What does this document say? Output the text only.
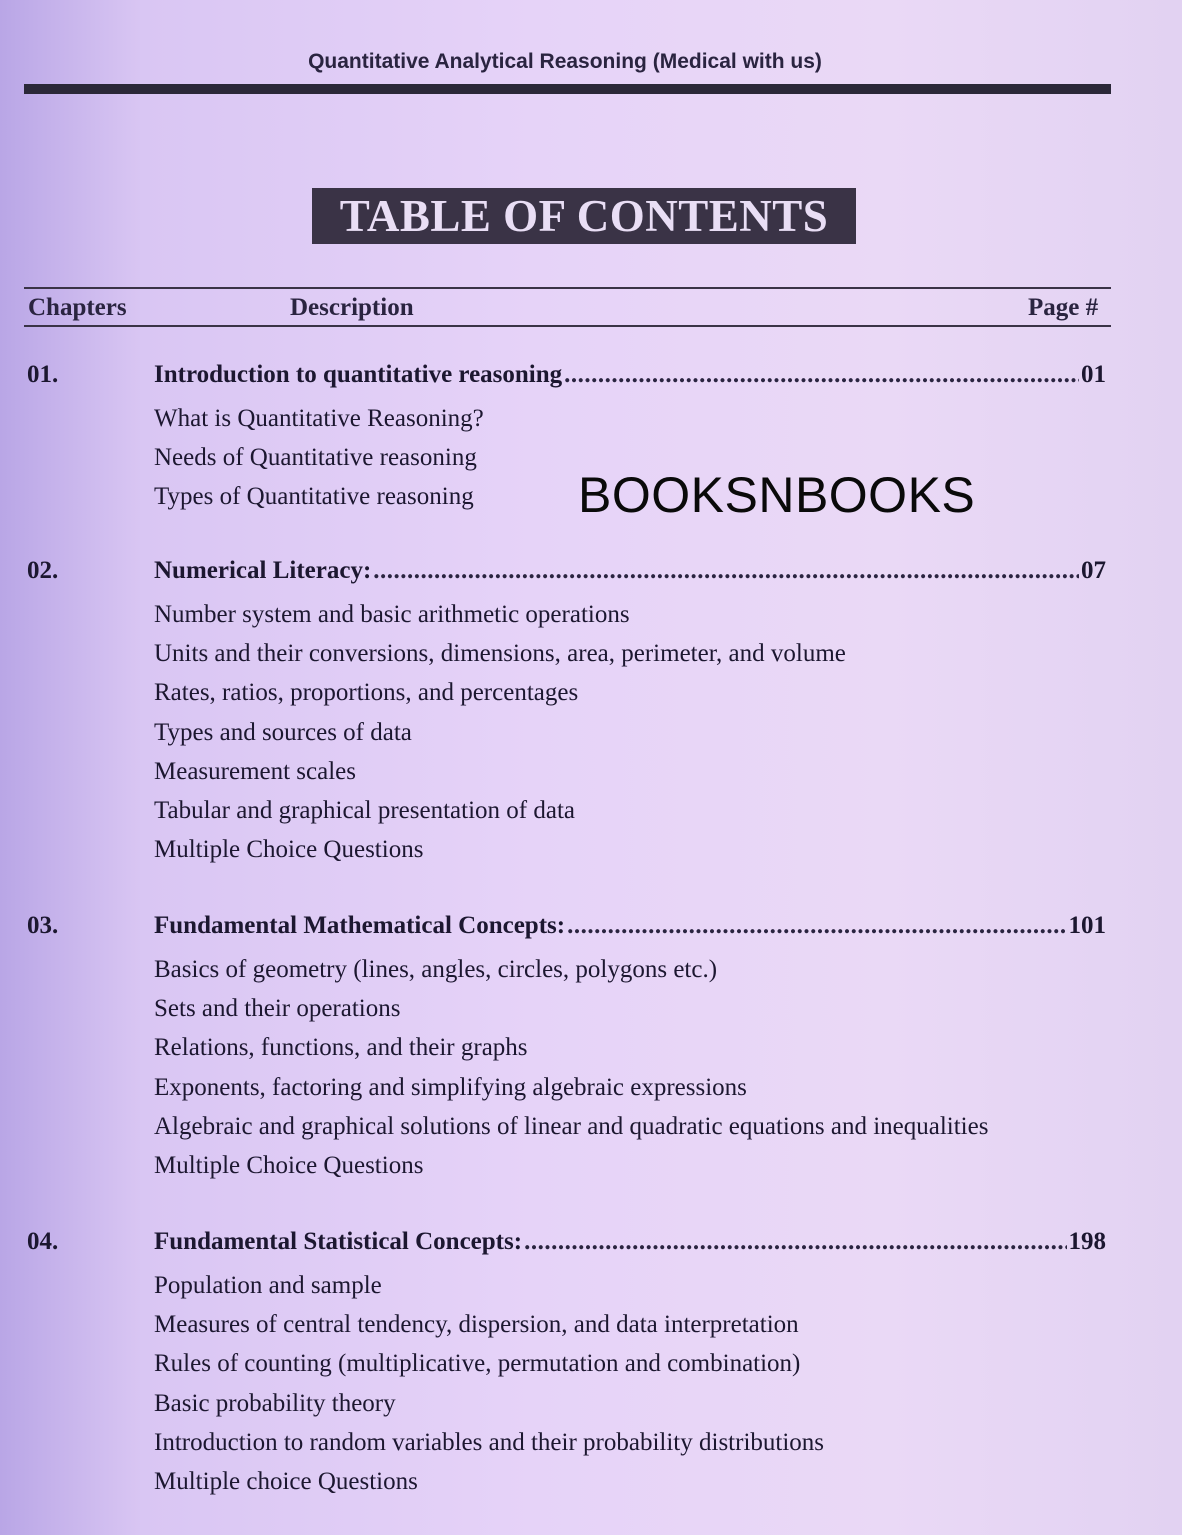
Quantitative Analytical Reasoning (Medical with us)
TABLE OF CONTENTS
Chapters	Description	Page #
01.	Introduction to quantitative reasoning .....	01
What is Quantitative Reasoning?
Needs of Quantitative reasoning
Types of Quantitative reasoning BOOKSNBOOKS
02.	Numerical Literacy: .....	07
Number system and basic arithmetic operations
Units and their conversions, dimensions, area, perimeter, and volume
Rates, ratios, proportions, and percentages
Types and sources of data
Measurement scales
Tabular and graphical presentation of data
Multiple Choice Questions
03.	Fundamental Mathematical Concepts: .....	101
Basics of geometry (lines, angles, circles, polygons etc.)
Sets and their operations
Relations, functions, and their graphs
Exponents, factoring and simplifying algebraic expressions
Algebraic and graphical solutions of linear and quadratic equations and inequalities
Multiple Choice Questions
04.	Fundamental Statistical Concepts: .....	198
Population and sample
Measures of central tendency, dispersion, and data interpretation
Rules of counting (multiplicative, permutation and combination)
Basic probability theory
Introduction to random variables and their probability distributions
Multiple choice Questions
